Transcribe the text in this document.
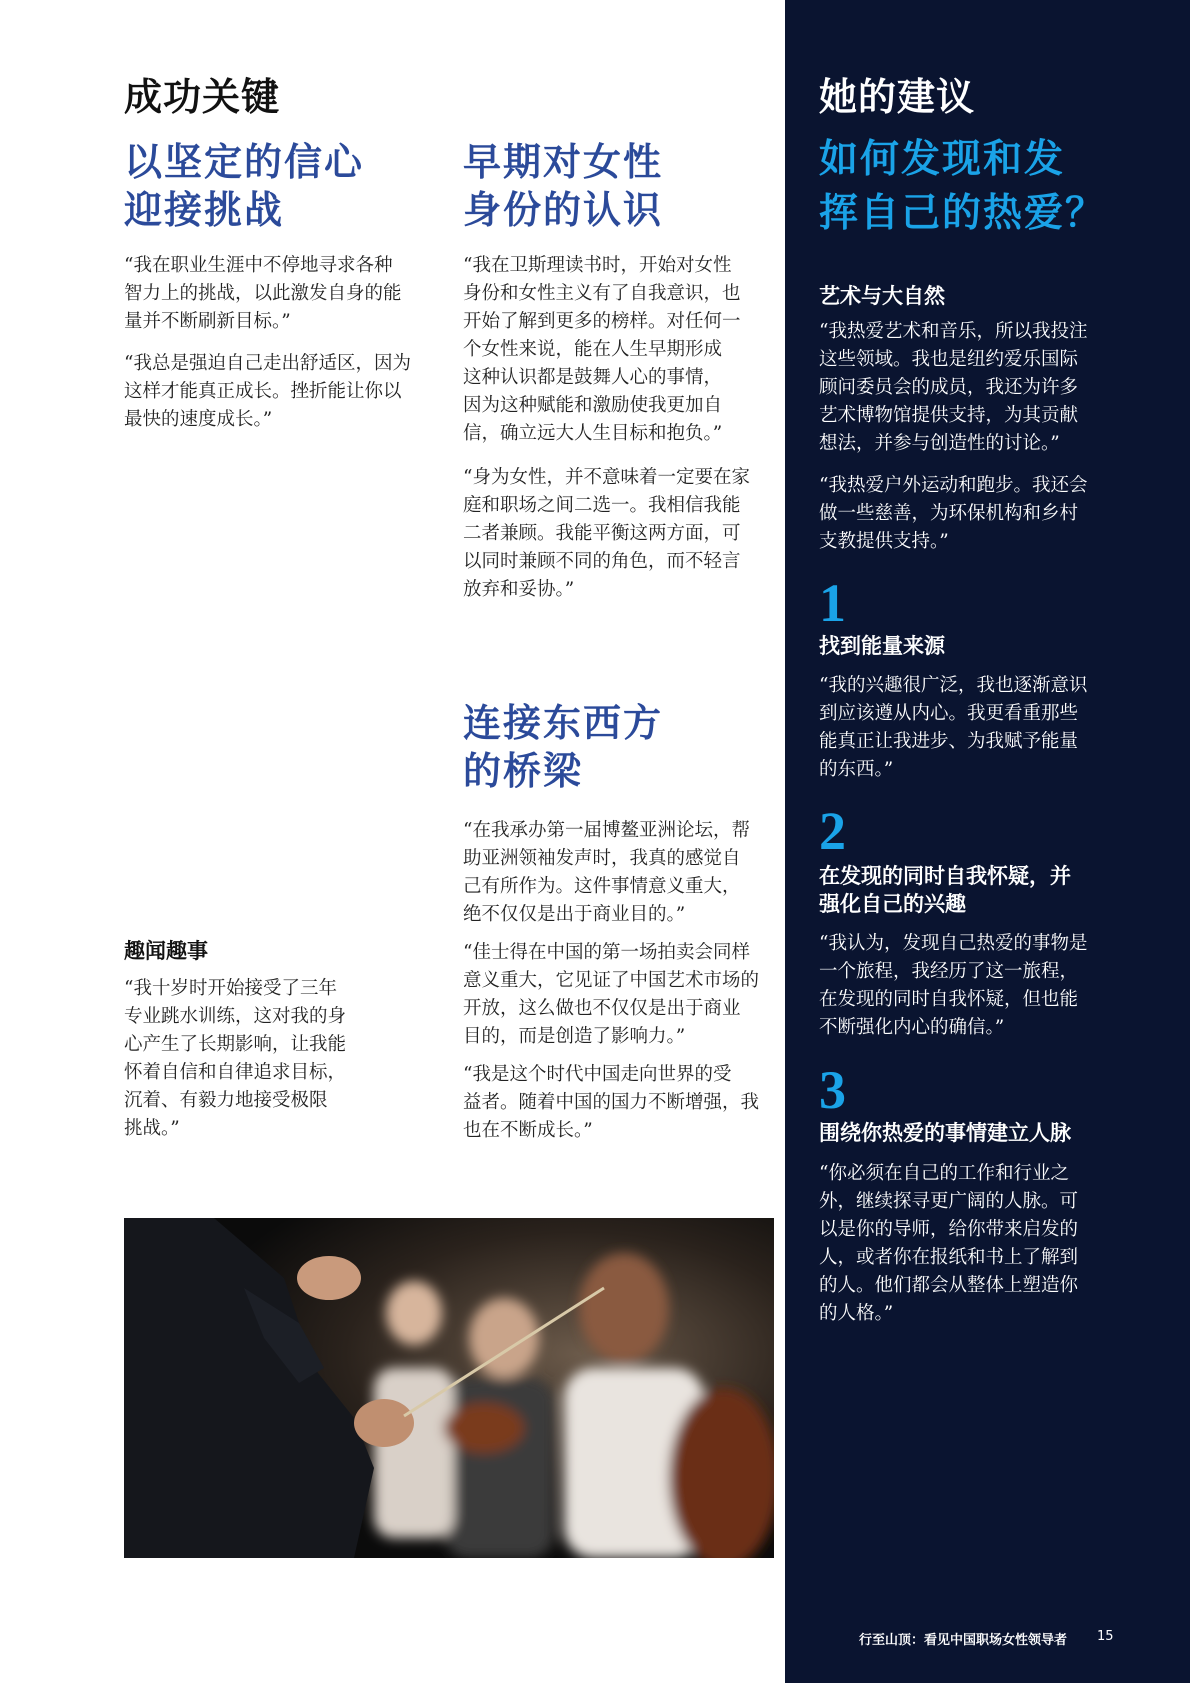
成功关键
以坚定的信心
迎接挑战

“我在职业生涯中不停地寻求各种
智力上的挑战，以此激发自身的能
量并不断刷新目标。”

“我总是强迫自己走出舒适区，因为
这样才能真正成长。挫折能让你以
最快的速度成长。”

早期对女性
身份的认识

“我在卫斯理读书时，开始对女性
身份和女性主义有了自我意识，也
开始了解到更多的榜样。对任何一
个女性来说，能在人生早期形成
这种认识都是鼓舞人心的事情，
因为这种赋能和激励使我更加自
信，确立远大人生目标和抱负。”

“身为女性，并不意味着一定要在家
庭和职场之间二选一。我相信我能
二者兼顾。我能平衡这两方面，可
以同时兼顾不同的角色，而不轻言
放弃和妥协。”

连接东西方
的桥梁

“在我承办第一届博鳌亚洲论坛，帮
助亚洲领袖发声时，我真的感觉自
己有所作为。这件事情意义重大，
绝不仅仅是出于商业目的。”

“佳士得在中国的第一场拍卖会同样
意义重大，它见证了中国艺术市场的
开放，这么做也不仅仅是出于商业
目的，而是创造了影响力。”

“我是这个时代中国走向世界的受
益者。随着中国的国力不断增强，我
也在不断成长。”

趣闻趣事

“我十岁时开始接受了三年
专业跳水训练，这对我的身
心产生了长期影响，让我能
怀着自信和自律追求目标，
沉着、有毅力地接受极限
挑战。”

她的建议
如何发现和发
挥自己的热爱？
艺术与大自然

“我热爱艺术和音乐，所以我投注
这些领域。我也是纽约爱乐国际
顾问委员会的成员，我还为许多
艺术博物馆提供支持，为其贡献
想法，并参与创造性的讨论。”

“我热爱户外运动和跑步。我还会
做一些慈善，为环保机构和乡村
支教提供支持。”

1
找到能量来源

“我的兴趣很广泛，我也逐渐意识
到应该遵从内心。我更看重那些
能真正让我进步、为我赋予能量
的东西。”

2
在发现的同时自我怀疑，并
强化自己的兴趣

“我认为，发现自己热爱的事物是
一个旅程，我经历了这一旅程，
在发现的同时自我怀疑，但也能
不断强化内心的确信。”

3
围绕你热爱的事情建立人脉

“你必须在自己的工作和行业之
外，继续探寻更广阔的人脉。可
以是你的导师，给你带来启发的
人，或者你在报纸和书上了解到
的人。他们都会从整体上塑造你
的人格。”

行至山顶：看见中国职场女性领导者 15
